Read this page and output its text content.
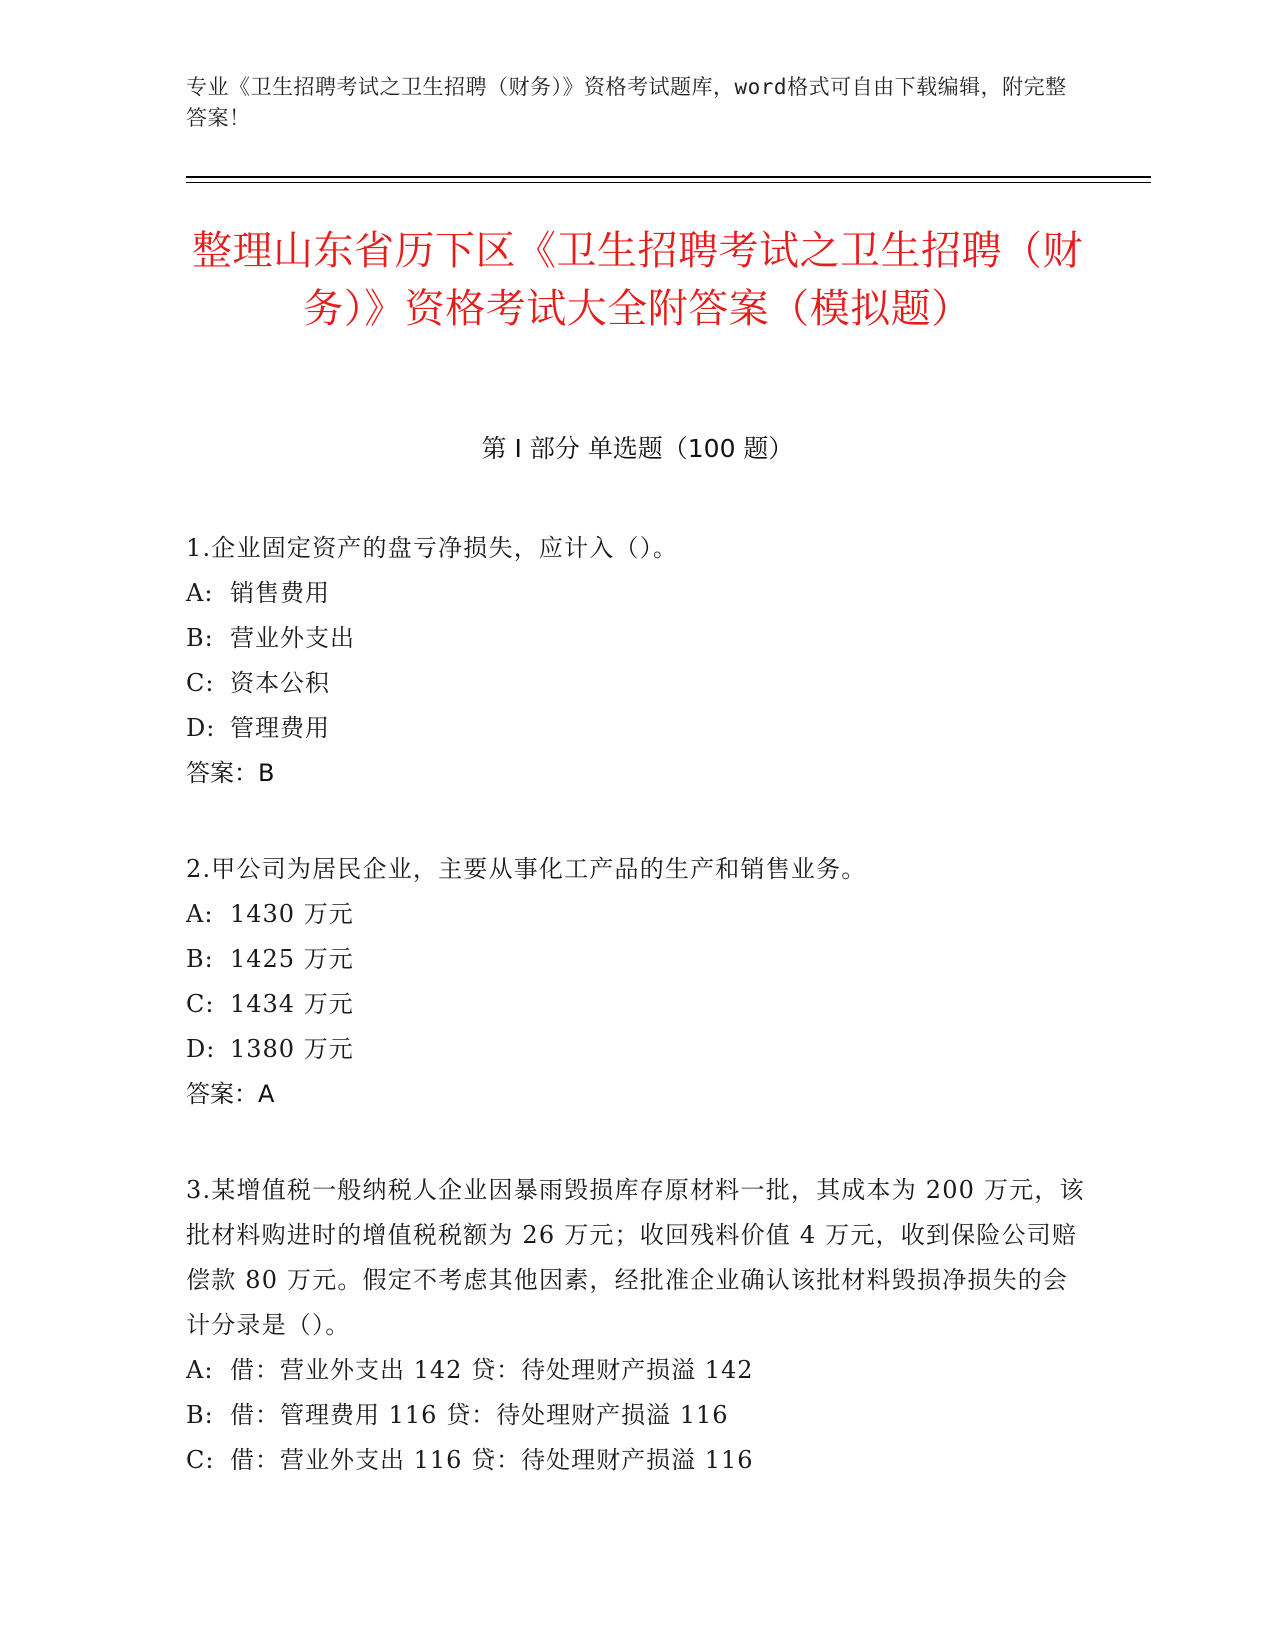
专业《卫生招聘考试之卫生招聘（财务）》资格考试题库，word格式可自由下载编辑，附完整答案！
整理山东省历下区《卫生招聘考试之卫生招聘（财务）》资格考试大全附答案（模拟题）
第 I 部分 单选题（100 题）
1.企业固定资产的盘亏净损失，应计入（）。
A: 销售费用
B: 营业外支出
C: 资本公积
D: 管理费用
答案：B
2.甲公司为居民企业，主要从事化工产品的生产和销售业务。
A: 1430 万元
B: 1425 万元
C: 1434 万元
D: 1380 万元
答案：A
3.某增值税一般纳税人企业因暴雨毁损库存原材料一批，其成本为 200 万元，该批材料购进时的增值税税额为 26 万元；收回残料价值 4 万元，收到保险公司赔偿款 80 万元。假定不考虑其他因素，经批准企业确认该批材料毁损净损失的会计分录是（）。
A: 借：营业外支出 142 贷：待处理财产损溢 142
B: 借：管理费用 116 贷：待处理财产损溢 116
C: 借：营业外支出 116 贷：待处理财产损溢 116
